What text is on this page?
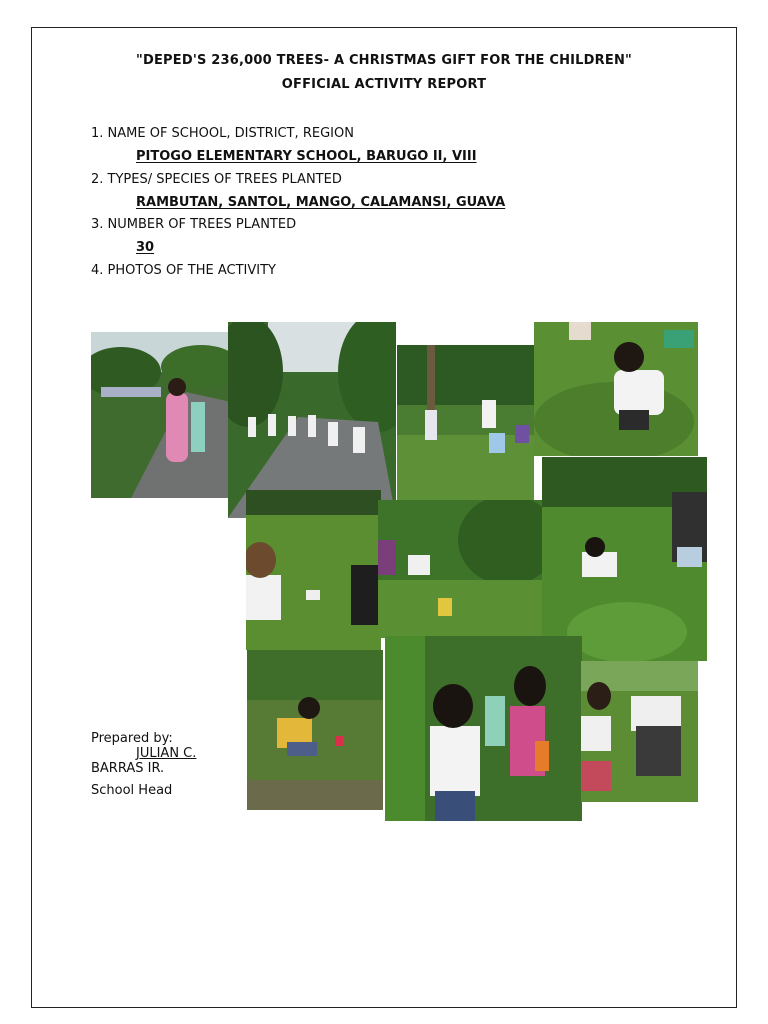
"DEPED'S 236,000 TREES- A CHRISTMAS GIFT FOR THE CHILDREN"
OFFICIAL ACTIVITY REPORT
1. NAME OF SCHOOL, DISTRICT, REGION
PITOGO ELEMENTARY SCHOOL, BARUGO II, VIII
2. TYPES/ SPECIES OF TREES PLANTED
RAMBUTAN, SANTOL, MANGO, CALAMANSI, GUAVA
3. NUMBER OF TREES PLANTED
30
4. PHOTOS OF THE ACTIVITY
Prepared by:
JULIAN C.
BARRAS IR.
School Head
